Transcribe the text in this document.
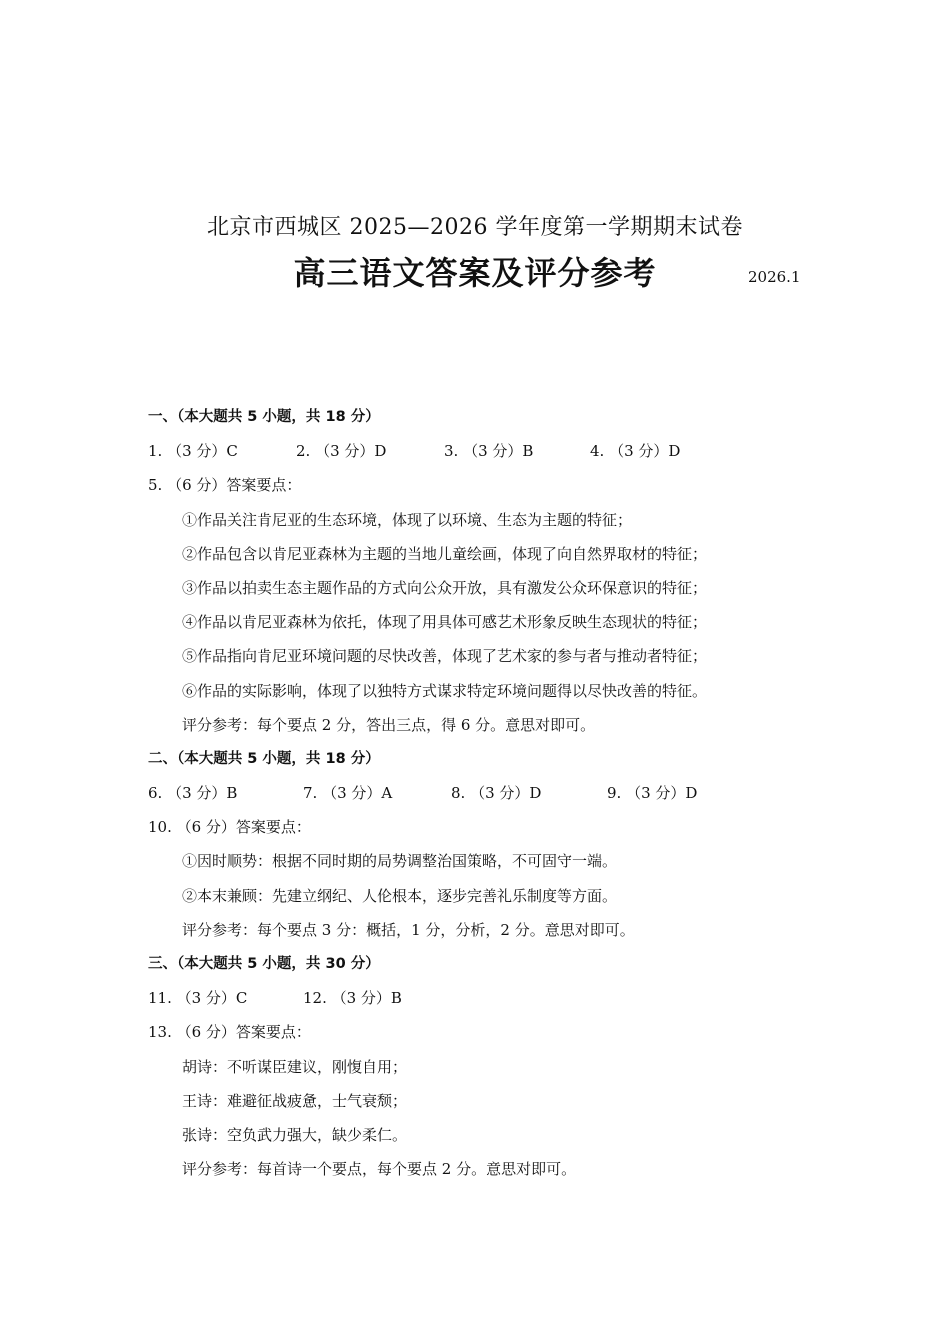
北京市西城区 2025—2026 学年度第一学期期末试卷
高三语文答案及评分参考	2026.1
一、（本大题共 5 小题，共 18 分）
1. （3 分）C	2. （3 分）D	3. （3 分）B	4. （3 分）D
5. （6 分）答案要点：
①作品关注肯尼亚的生态环境，体现了以环境、生态为主题的特征；
②作品包含以肯尼亚森林为主题的当地儿童绘画，体现了向自然界取材的特征；
③作品以拍卖生态主题作品的方式向公众开放，具有激发公众环保意识的特征；
④作品以肯尼亚森林为依托，体现了用具体可感艺术形象反映生态现状的特征；
⑤作品指向肯尼亚环境问题的尽快改善，体现了艺术家的参与者与推动者特征；
⑥作品的实际影响，体现了以独特方式谋求特定环境问题得以尽快改善的特征。
评分参考：每个要点 2 分，答出三点，得 6 分。意思对即可。
二、（本大题共 5 小题，共 18 分）
6. （3 分）B	7. （3 分）A	8. （3 分）D	9. （3 分）D
10. （6 分）答案要点：
①因时顺势：根据不同时期的局势调整治国策略，不可固守一端。
②本末兼顾：先建立纲纪、人伦根本，逐步完善礼乐制度等方面。
评分参考：每个要点 3 分：概括，1 分，分析，2 分。意思对即可。
三、（本大题共 5 小题，共 30 分）
11. （3 分）C	12. （3 分）B
13. （6 分）答案要点：
胡诗：不听谋臣建议，刚愎自用；
王诗：难避征战疲惫，士气衰颓；
张诗：空负武力强大，缺少柔仁。
评分参考：每首诗一个要点，每个要点 2 分。意思对即可。
